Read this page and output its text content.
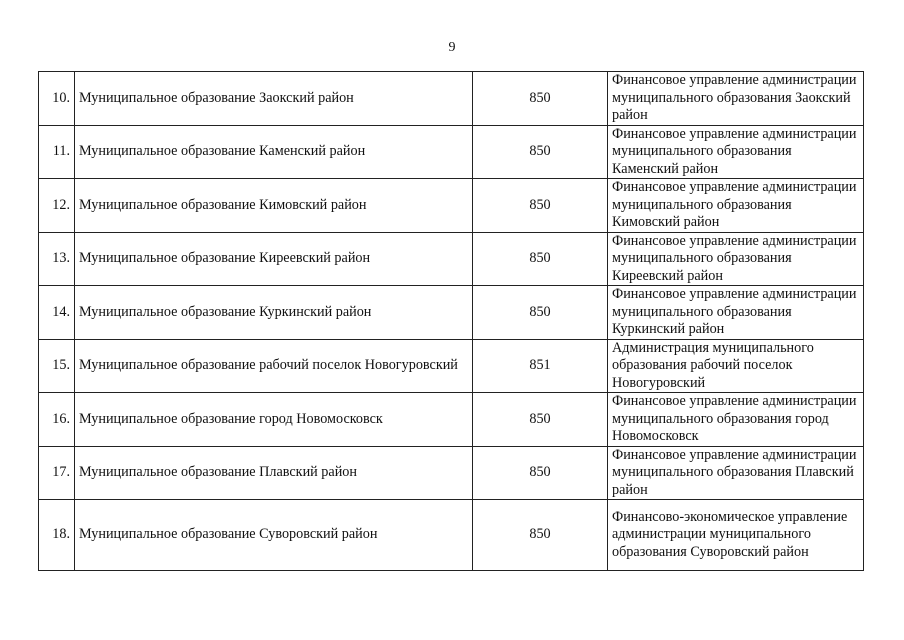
9
10.	Муниципальное образование Заокский район	850	Финансовое управление администрации муниципального образования Заокский район
11.	Муниципальное образование Каменский район	850	Финансовое управление администрации муниципального образования Каменский район
12.	Муниципальное образование Кимовский район	850	Финансовое управление администрации муниципального образования Кимовский район
13.	Муниципальное образование Киреевский район	850	Финансовое управление администрации муниципального образования Киреевский район
14.	Муниципальное образование Куркинский район	850	Финансовое управление администрации муниципального образования Куркинский район
15.	Муниципальное образование рабочий поселок Новогуровский	851	Администрация муниципального образования рабочий поселок Новогуровский
16.	Муниципальное образование город Новомосковск	850	Финансовое управление администрации муниципального образования город Новомосковск
17.	Муниципальное образование Плавский район	850	Финансовое управление администрации муниципального образования Плавский район
18.	Муниципальное образование Суворовский район	850	Финансово-экономическое управление администрации муниципального образования Суворовский район
